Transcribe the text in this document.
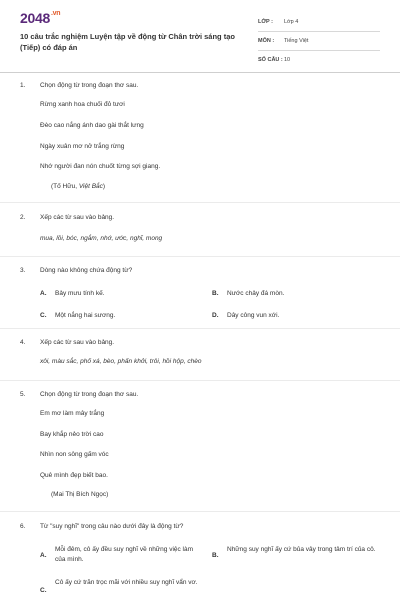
$2048^{.vn}$
10 câu trắc nghiệm Luyện tập về động từ Chân trời sáng tạo (Tiếp) có đáp án
LỚP : Lớp 4
MÔN : Tiếng Việt
SỐ CÂU : 10
1. Chọn động từ trong đoạn thơ sau.
Rừng xanh hoa chuối đỏ tươi
Đèo cao nắng ánh dao gài thắt lưng
Ngày xuân mơ nở trắng rừng
Nhớ người đan nón chuốt từng sợi giang.
(Tố Hữu, Việt Bắc)
2. Xếp các từ sau vào bảng.
mua, lồi, bóc, ngắm, nhớ, ước, nghĩ, mong
3. Dòng nào không chứa động từ?
A. Bảy mưu tính kế.	B. Nước chảy đá mòn.
C. Một nắng hai sương.	D. Dây công vun xới.
4. Xếp các từ sau vào bảng.
xôi, màu sắc, phố xá, bèo, phấn khởi, trôi, hồi hộp, chèo
5. Chọn động từ trong đoạn thơ sau.
Em mơ làm mây trắng
Bay khắp nẻo trời cao
Nhìn non sông gấm vóc
Quê mình đẹp biết bao.
(Mai Thị Bích Ngọc)
6. Từ "suy nghĩ" trong câu nào dưới đây là động từ?
A.
Mỗi đêm, cô ấy đều suy nghĩ về những việc làm của mình.
B.
Những suy nghĩ ấy cứ bủa vây trong tâm trí của cô.
C.
Cô ấy cứ trăn trọc mãi với nhiều suy nghĩ vẩn vơ.
